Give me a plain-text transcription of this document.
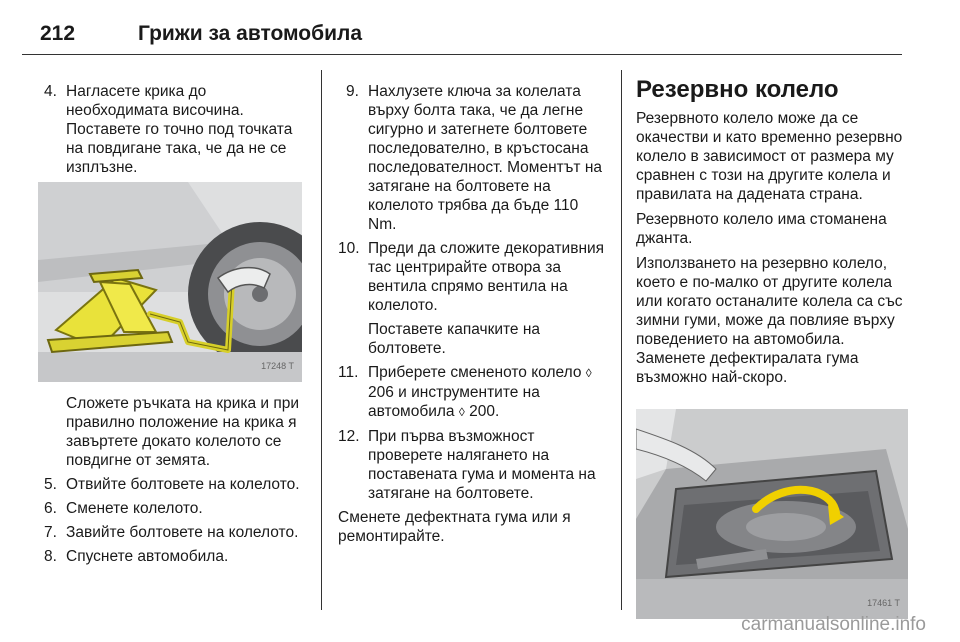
212	Грижи за автомобила
4. Нагласете крика до необходимата височина. Поставете го точно под точката на повдигане така, че да не се изплъзне.
17248 T
Сложете ръчката на крика и при правилно положение на крика я завъртете докато колелото се повдигне от земята.
5. Отвийте болтовете на колелото.
6. Сменете колелото.
7. Завийте болтовете на колелото.
8. Спуснете автомобила.
9. Нахлузете ключа за колелата върху болта така, че да легне сигурно и затегнете болтовете последователно, в кръстосана последователност. Моментът на затягане на болтовете на колелото трябва да бъде 110 Nm.
10. Преди да сложите декоративния тас центрирайте отвора за вентила спрямо вентила на колелото.
Поставете капачките на болтовете.
11. Приберете смененото колело ◊ 206 и инструментите на автомобила ◊ 200.
12. При първа възможност проверете налягането на поставената гума и момента на затягане на болтовете.
Сменете дефектната гума или я ремонтирайте.
Резервно колело
Резервното колело може да се окачестви и като временно резервно колело в зависимост от размера му сравнен с този на другите колела и правилата на дадената страна.
Резервното колело има стоманена джанта.
Използването на резервно колело, което е по-малко от другите колела или когато останалите колела са със зимни гуми, може да повлияе върху поведението на автомобила. Заменете дефектиралата гума възможно най-скоро.
17461 T
carmanualsonline.info
